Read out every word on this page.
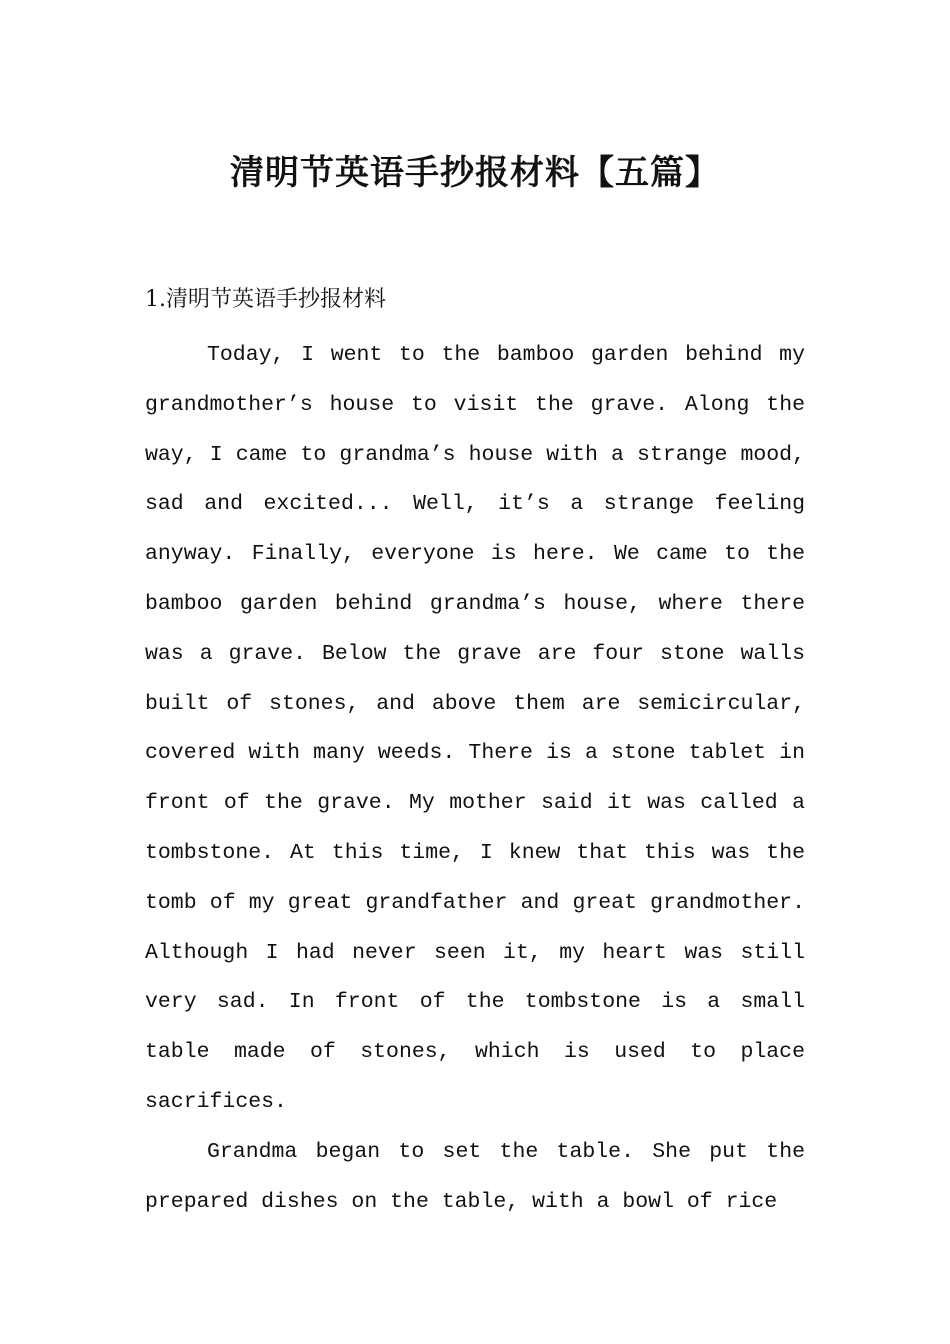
清明节英语手抄报材料【五篇】
1.清明节英语手抄报材料

Today, I went to the bamboo garden behind my grandmother’s house to visit the grave. Along the way, I came to grandma’s house with a strange mood, sad and excited... Well, it’s a strange feeling anyway. Finally, everyone is here. We came to the bamboo garden behind grandma’s house, where there was a grave. Below the grave are four stone walls built of stones, and above them are semicircular, covered with many weeds. There is a stone tablet in front of the grave. My mother said it was called a tombstone. At this time, I knew that this was the tomb of my great grandfather and great grandmother. Although I had never seen it, my heart was still very sad. In front of the tombstone is a small table made of stones, which is used to place sacrifices.

Grandma began to set the table. She put the prepared dishes on the table, with a bowl of rice
